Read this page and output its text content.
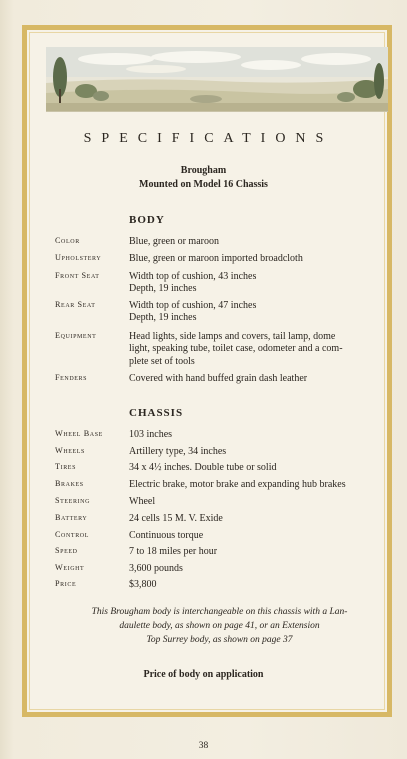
SPECIFICATIONS
Brougham
Mounted on Model 16 Chassis
BODY
Color	Blue, green or maroon
Upholstery	Blue, green or maroon imported broadcloth
Front Seat	Width top of cushion, 43 inches
Depth, 19 inches
Rear Seat	Width top of cushion, 47 inches
Depth, 19 inches
Equipment	Head lights, side lamps and covers, tail lamp, dome
light, speaking tube, toilet case, odometer and a com-
plete set of tools
Fenders	Covered with hand buffed grain dash leather
CHASSIS
Wheel Base	103 inches
Wheels	Artillery type, 34 inches
Tires	34 x 4½ inches. Double tube or solid
Brakes	Electric brake, motor brake and expanding hub brakes
Steering	Wheel
Battery	24 cells 15 M. V. Exide
Control	Continuous torque
Speed	7 to 18 miles per hour
Weight	3,600 pounds
Price	$3,800
This Brougham body is interchangeable on this chassis with a Lan-
daulette body, as shown on page 41, or an Extension
Top Surrey body, as shown on page 37
Price of body on application
38
